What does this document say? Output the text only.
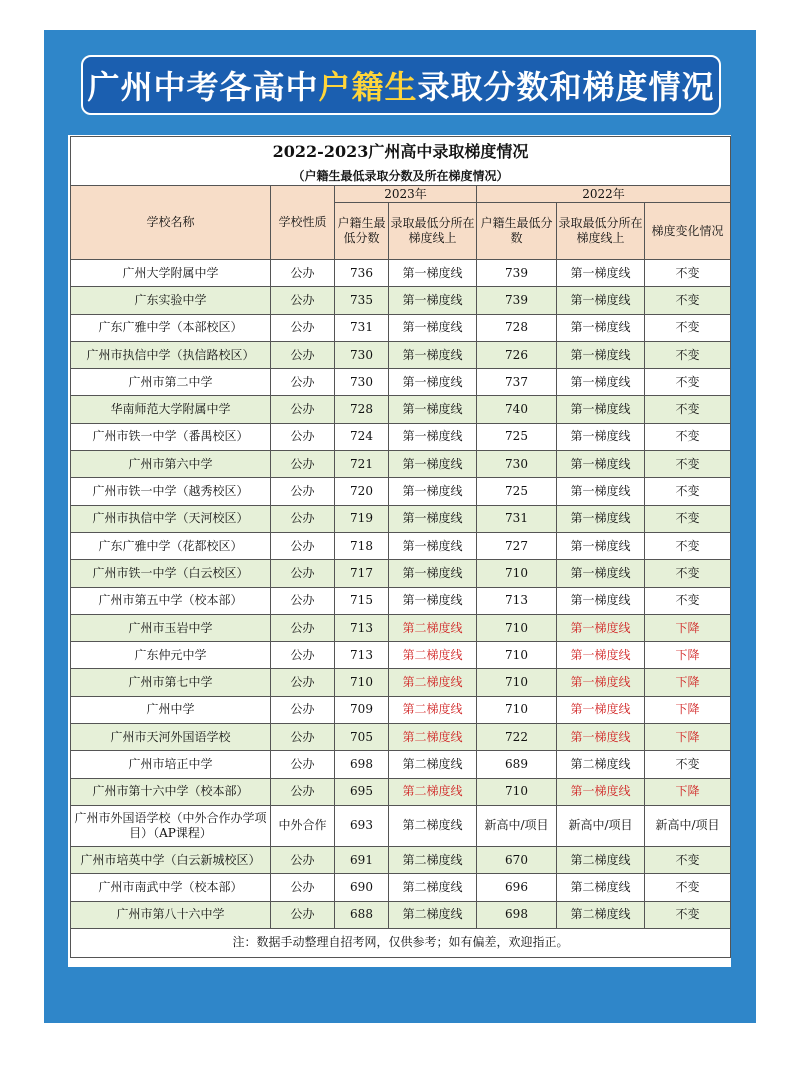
广州中考各高中 户籍生 录取分数和梯度情况
2022-2023广州高中录取梯度情况						
（户籍生最低录取分数及所在梯度情况）						
学校名称	学校性质	2023年		2022年		
		户籍生最低分数	录取最低分所在梯度线上	户籍生最低分数	录取最低分所在梯度线上	梯度变化情况
广州大学附属中学	公办	736	第一梯度线	739	第一梯度线	不变
广东实验中学	公办	735	第一梯度线	739	第一梯度线	不变
广东广雅中学（本部校区）	公办	731	第一梯度线	728	第一梯度线	不变
广州市执信中学（执信路校区）	公办	730	第一梯度线	726	第一梯度线	不变
广州市第二中学	公办	730	第一梯度线	737	第一梯度线	不变
华南师范大学附属中学	公办	728	第一梯度线	740	第一梯度线	不变
广州市铁一中学（番禺校区）	公办	724	第一梯度线	725	第一梯度线	不变
广州市第六中学	公办	721	第一梯度线	730	第一梯度线	不变
广州市铁一中学（越秀校区）	公办	720	第一梯度线	725	第一梯度线	不变
广州市执信中学（天河校区）	公办	719	第一梯度线	731	第一梯度线	不变
广东广雅中学（花都校区）	公办	718	第一梯度线	727	第一梯度线	不变
广州市铁一中学（白云校区）	公办	717	第一梯度线	710	第一梯度线	不变
广州市第五中学（校本部）	公办	715	第一梯度线	713	第一梯度线	不变
广州市玉岩中学	公办	713	第二梯度线	710	第一梯度线	下降
广东仲元中学	公办	713	第二梯度线	710	第一梯度线	下降
广州市第七中学	公办	710	第二梯度线	710	第一梯度线	下降
广州中学	公办	709	第二梯度线	710	第一梯度线	下降
广州市天河外国语学校	公办	705	第二梯度线	722	第一梯度线	下降
广州市培正中学	公办	698	第二梯度线	689	第二梯度线	不变
广州市第十六中学（校本部）	公办	695	第二梯度线	710	第一梯度线	下降
广州市外国语学校（中外合作办学项目）（AP课程）	中外合作	693	第二梯度线	新高中/项目	新高中/项目	新高中/项目
广州市培英中学（白云新城校区）	公办	691	第二梯度线	670	第二梯度线	不变
广州市南武中学（校本部）	公办	690	第二梯度线	696	第二梯度线	不变
广州市第八十六中学	公办	688	第二梯度线	698	第二梯度线	不变
注：数据手动整理自招考网，仅供参考；如有偏差，欢迎指正。						
